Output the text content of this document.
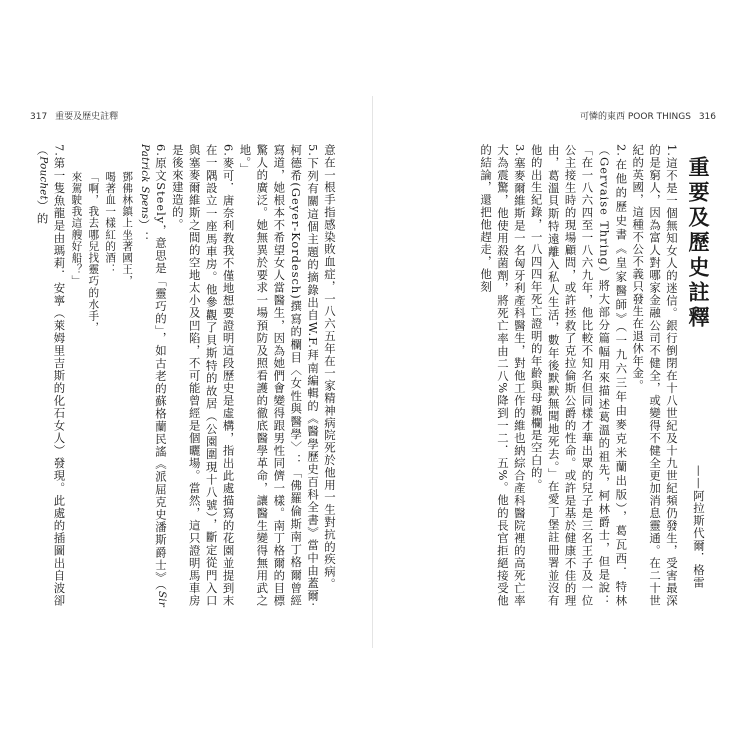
317 重要及歷史註釋

意在一根手指感染敗血症，一八六五年在一家精神病院死於他用一生對抗的疾病。

5.下列有關這個主題的摘錄出自W.F.拜南編輯的《醫學歷史百科全書》當中由蓋爾‧柯德希(Geyer-Kordesch)撰寫的欄目〈女性與醫學〉：「佛羅倫斯南丁格爾曾經寫道，她根本不希望女人當醫生，因為她們會變得跟男性同儕一樣。南丁格爾的目標驚人的廣泛。她無異於要求一場預防及照看護的徹底醫學革命，讓醫生變得無用武之地。」

6.麥可．唐奈利教我不僅地想要證明這段歷史是虛構，指出此處描寫的花園並提到末在一隅設立一座馬車房。他參觀了貝斯特的故居（公園圍現十八號），斷定從門入口與塞麥爾維斯之間的空地太小及凹陷，不可能曾經是個曬場。當然，這只證明馬車房是後來建造的。

6.原文Steely，意思是「靈巧的」，如古老的蘇格蘭民謠《派屈克史潘斯爵士》（Sir Patrick Spens）：

鄧佛林鎮上坐著國王，

喝著血一樣紅的酒：

「啊，我去哪兒找靈巧的水手，

來駕駛我這艘好船？」

7.第一隻魚龍是由瑪莉．安寧（萊姆里吉斯的化石女人）發現。此處的插圖出自波卻（Pouchet）的

可憐的東西 POOR THINGS 316
重要及歷史註釋

1.這不是一個無知女人的迷信。銀行倒閉在十八世紀及十九世紀頻仍發生，受害最深的是窮人，因為富人對哪家金融公司不健全，或變得不健全更加消息靈通。在二十世紀的英國，這種不公不義只發生在退休年金。

2.在他的歷史書《皇家醫師》（一九六三年由麥克米蘭出版），葛瓦西．特林（Gervaise Thring）將大部分篇幅用來描述葛溫的祖先，柯林爵士，但是說：「在一八六四至一八六九年，他比較不知名但同樣才華出眾的兒子是三名王子及一位公主接生時的現場顧問，或許拯救了克拉倫斯公爵的性命。或許是基於健康不佳的理由，葛溫貝斯特遠離入私人生活，數年後默默無聞地死去。」在愛丁堡註冊署並沒有他的出生紀錄，一八四四年死亡證明的年齡與母親欄是空白的。

3.塞麥爾維斯是一名匈牙利產科醫生，對他工作的維也納綜合產科醫院裡的高死亡率大為震驚，他使用殺菌劑，將死亡率由二八%降到一二．五%。他的長官拒絕接受他的結論，還把他趕走，他刻

——阿拉斯代爾．格雷
